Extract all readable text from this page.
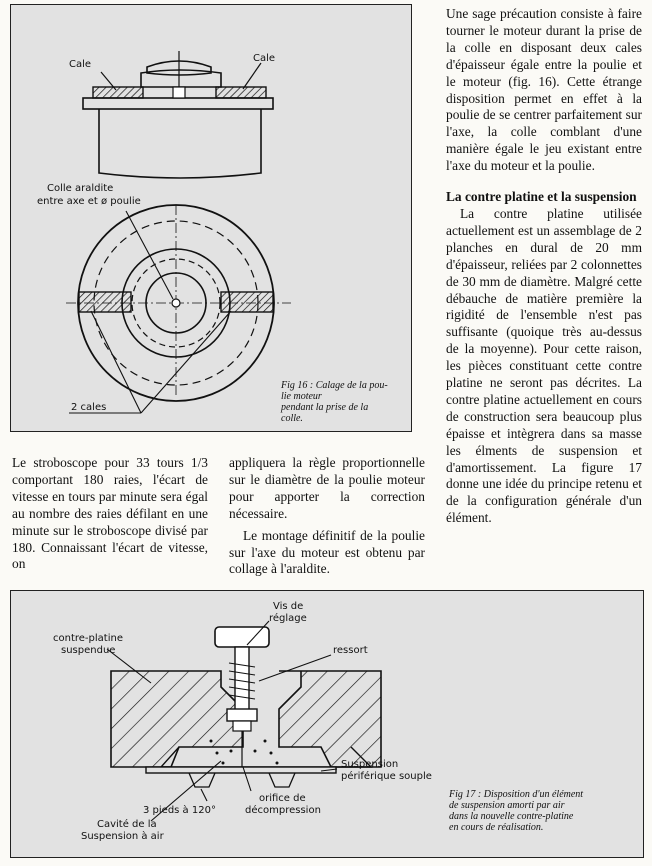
Cale
Cale
Colle araldite
entre axe et ø poulie
2 cales
Fig 16 : Calage de la pou-
lie moteur
pendant la prise de la
colle.

Une sage précaution consiste à faire tourner le moteur durant la prise de la colle en disposant deux cales d'épaisseur égale entre la poulie et le moteur (fig. 16). Cette étrange disposition permet en effet à la poulie de se centrer parfaitement sur l'axe, la colle comblant d'une manière égale le jeu existant entre l'axe du moteur et la poulie.

La contre platine et la suspension

La contre platine utilisée actuellement est un assemblage de 2 planches en dural de 20 mm d'épaisseur, reliées par 2 colonnettes de 30 mm de diamètre. Malgré cette débauche de matière première la rigidité de l'ensemble n'est pas suffisante (quoique très au-dessus de la moyenne). Pour cette raison, les pièces constituant cette contre platine ne seront pas décrites. La contre platine actuellement en cours de construction sera beaucoup plus épaisse et intègrera dans sa masse les élments de suspension et d'amortissement. La figure 17 donne une idée du principe retenu et de la configuration générale d'un élément.

Le stroboscope pour 33 tours 1/3 comportant 180 raies, l'écart de vitesse en tours par minute sera égal au nombre des raies défilant en une minute sur le stroboscope divisé par 180. Connaissant l'écart de vitesse, on

appliquera la règle proportionnelle sur le diamètre de la poulie moteur pour apporter la correction nécessaire.

Le montage définitif de la poulie sur l'axe du moteur est obtenu par collage à l'araldite.

Vis de
réglage
ressort
contre-platine
suspendue
Suspension
périférique souple
3 pieds à 120°
orifice de
décompression
Cavité de la
Suspension à air
Fig 17 : Disposition d'un élément
de suspension amorti par air
dans la nouvelle contre-platine
en cours de réalisation.
